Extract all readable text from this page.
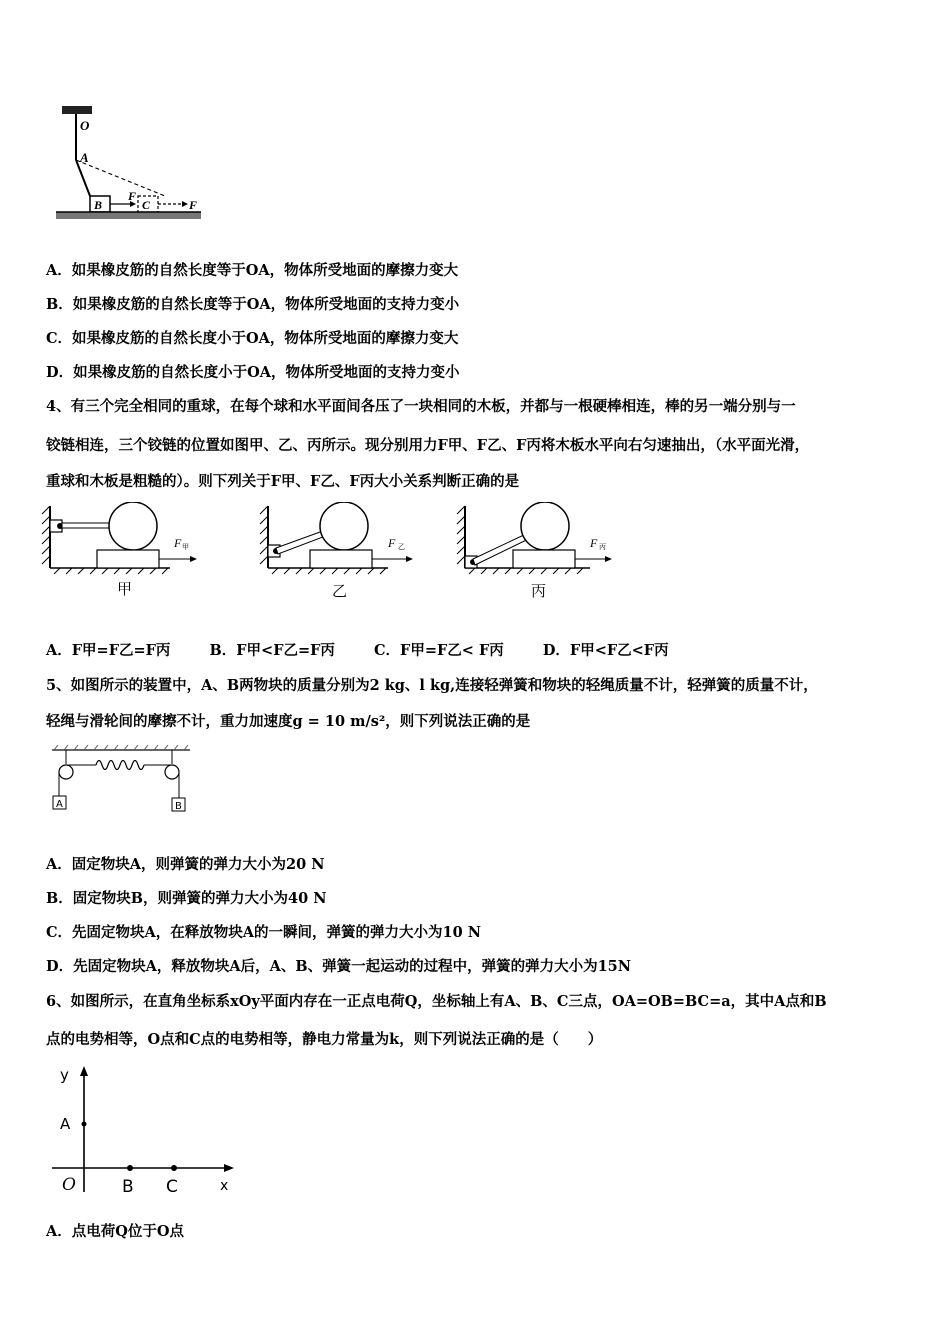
O
A
B
F
C	F
A．如果橡皮筋的自然长度等于OA，物体所受地面的摩擦力变大
B．如果橡皮筋的自然长度等于OA，物体所受地面的支持力变小
C．如果橡皮筋的自然长度小于OA，物体所受地面的摩擦力变大
D．如果橡皮筋的自然长度小于OA，物体所受地面的支持力变小
4、有三个完全相同的重球，在每个球和水平面间各压了一块相同的木板，并都与一根硬棒相连，棒的另一端分别与一
铰链相连，三个铰链的位置如图甲、乙、丙所示。现分别用力F甲、F乙、F丙将木板水平向右匀速抽出，（水平面光滑，
重球和木板是粗糙的）。则下列关于F甲、F乙、F丙大小关系判断正确的是
F 甲
甲
F 乙
乙
F 丙
丙
A．F甲=F乙=F丙	B．F甲<F乙=F丙	C．F甲=F乙< F丙	D．F甲<F乙<F丙
5、如图所示的装置中，A、B两物块的质量分别为2 kg、l kg,连接轻弹簧和物块的轻绳质量不计，轻弹簧的质量不计，
轻绳与滑轮间的摩擦不计，重力加速度g = 10 m/s²，则下列说法正确的是
A	B
A．固定物块A，则弹簧的弹力大小为20 N
B．固定物块B，则弹簧的弹力大小为40 N
C．先固定物块A，在释放物块A的一瞬间，弹簧的弹力大小为10 N
D．先固定物块A，释放物块A后，A、B、弹簧一起运动的过程中，弹簧的弹力大小为15N
6、如图所示，在直角坐标系xOy平面内存在一正点电荷Q，坐标轴上有A、B、C三点，OA=OB=BC=a，其中A点和B
点的电势相等，O点和C点的电势相等，静电力常量为k，则下列说法正确的是（　　）
y
A
O	B C	x
A．点电荷Q位于O点
